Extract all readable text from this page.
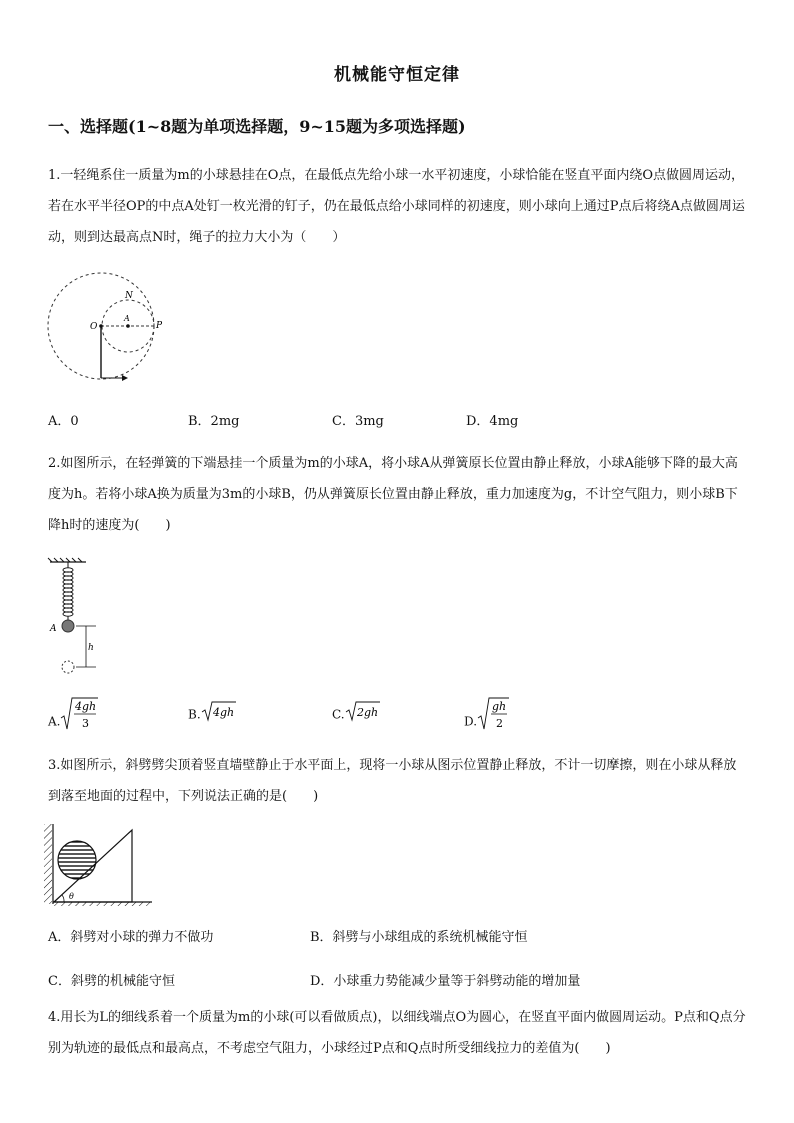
机械能守恒定律
一、选择题(1~8题为单项选择题，9~15题为多项选择题)
1.一轻绳系住一质量为m的小球悬挂在O点，在最低点先给小球一水平初速度，小球恰能在竖直平面内绕O点做圆周运动，若在水平半径OP的中点A处钉一枚光滑的钉子，仍在最低点给小球同样的初速度，则小球向上通过P点后将绕A点做圆周运动，则到达最高点N时，绳子的拉力大小为（　　）
N
O
A
P
A．0	B．2mg	C．3mg	D．4mg
2.如图所示，在轻弹簧的下端悬挂一个质量为m的小球A，将小球A从弹簧原长位置由静止释放，小球A能够下降的最大高度为h。若将小球A换为质量为3m的小球B，仍从弹簧原长位置由静止释放，重力加速度为g，不计空气阻力，则小球B下降h时的速度为(　　)
A
h
A.
4gh
3
B. 4gh	C. 2gh
D.
gh
2
3.如图所示，斜劈劈尖顶着竖直墙壁静止于水平面上，现将一小球从图示位置静止释放，不计一切摩擦，则在小球从释放到落至地面的过程中，下列说法正确的是(　　)
θ
A．斜劈对小球的弹力不做功	B．斜劈与小球组成的系统机械能守恒
C．斜劈的机械能守恒	D．小球重力势能减少量等于斜劈动能的增加量
4.用长为L的细线系着一个质量为m的小球(可以看做质点)，以细线端点O为圆心，在竖直平面内做圆周运动。P点和Q点分别为轨迹的最低点和最高点，不考虑空气阻力，小球经过P点和Q点时所受细线拉力的差值为(　　)
